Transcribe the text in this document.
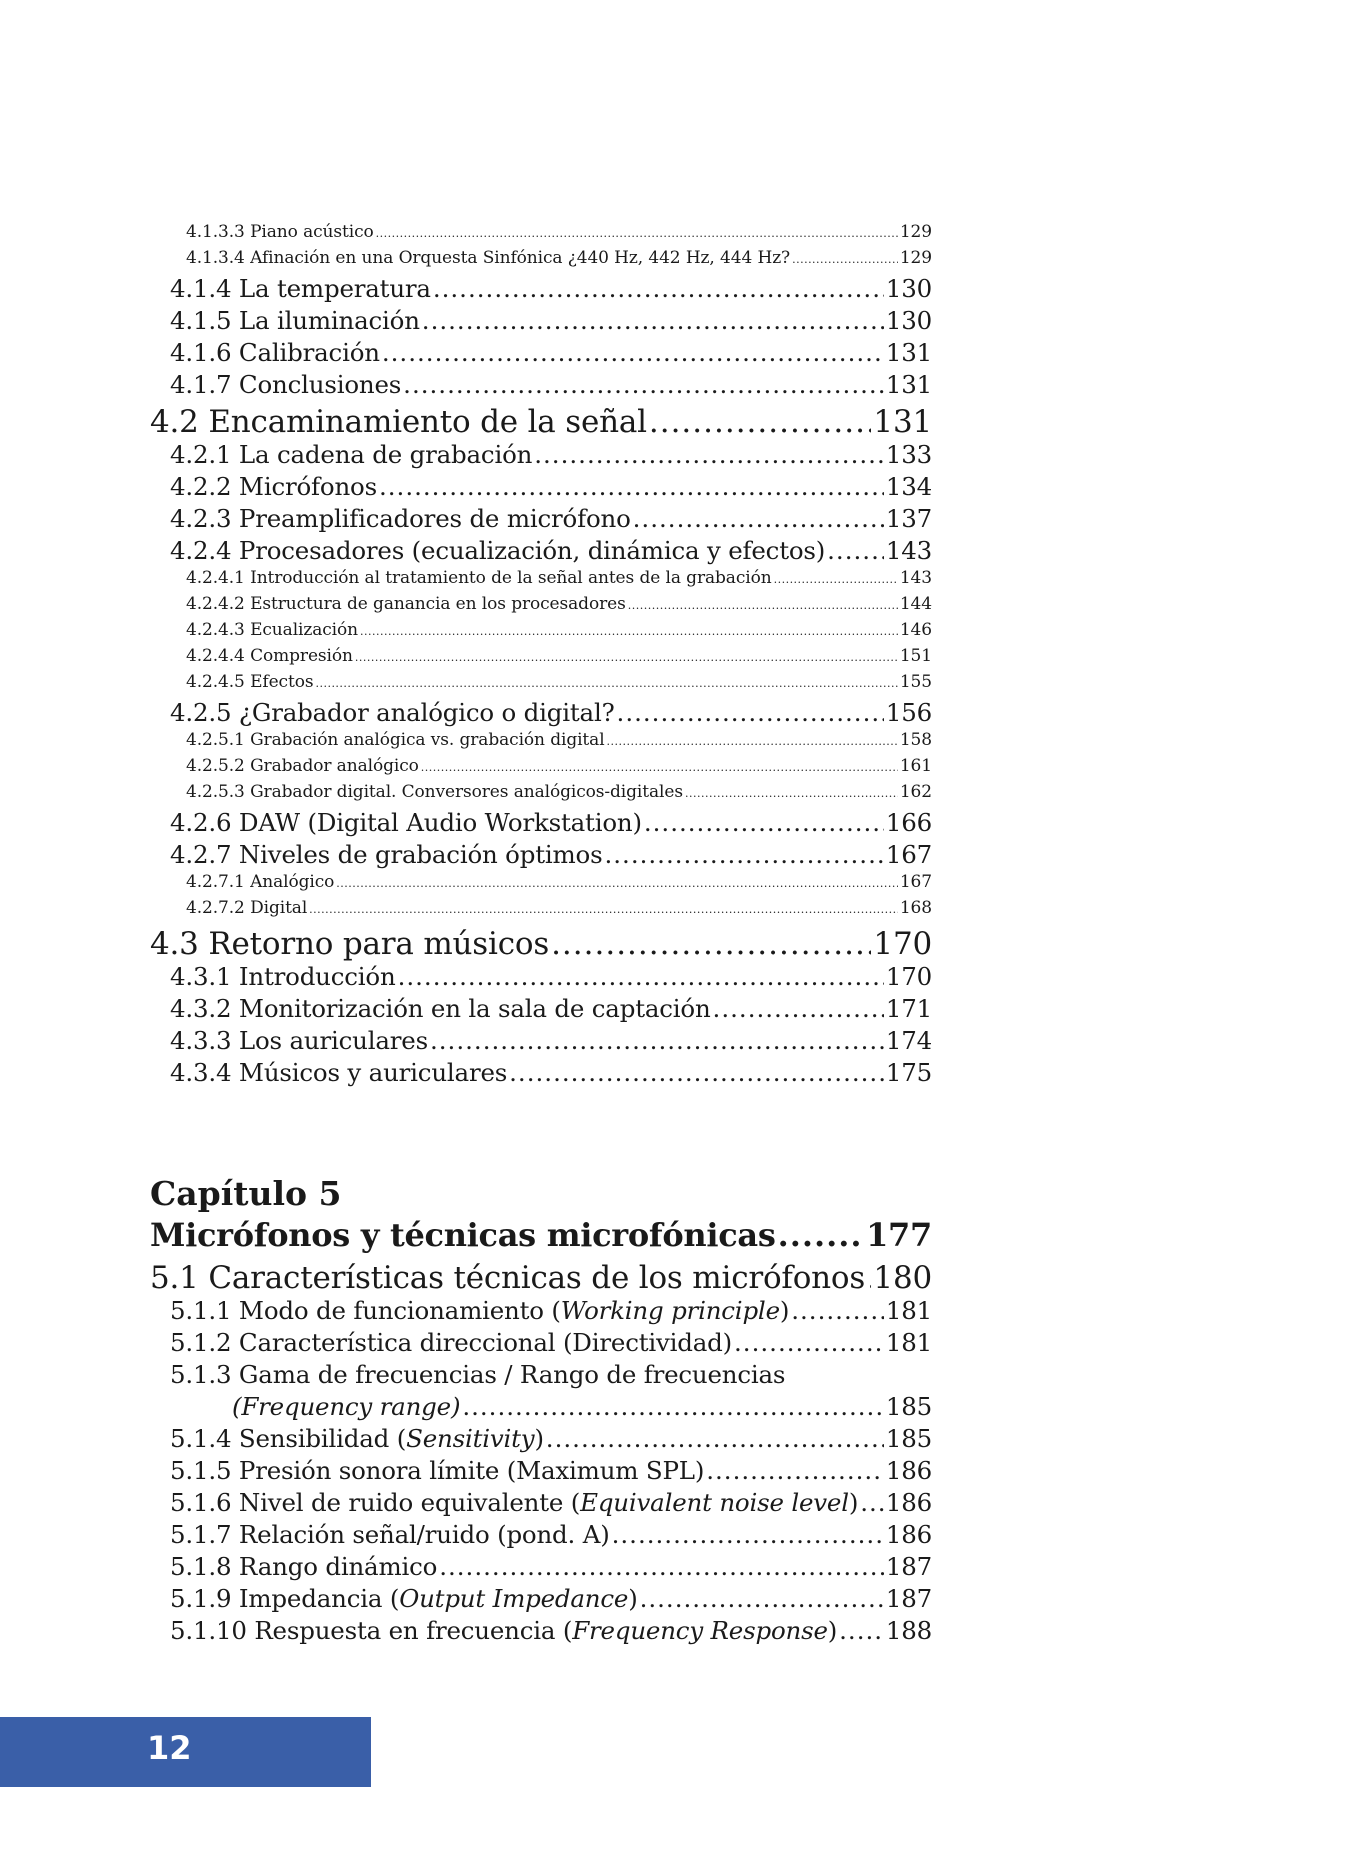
4.1.3.3 Piano acústico .....	129
4.1.3.4 Afinación en una Orquesta Sinfónica ¿440 Hz, 442 Hz, 444 Hz? .....	129
4.1.4 La temperatura .....	130
4.1.5 La iluminación .....	130
4.1.6 Calibración .....	131
4.1.7 Conclusiones .....	131
4.2 Encaminamiento de la señal .....	131
4.2.1 La cadena de grabación .....	133
4.2.2 Micrófonos .....	134
4.2.3 Preamplificadores de micrófono .....	137
4.2.4 Procesadores (ecualización, dinámica y efectos) ..... 143
4.2.4.1 Introducción al tratamiento de la señal antes de la grabación .....	143
4.2.4.2 Estructura de ganancia en los procesadores .....	144
4.2.4.3 Ecualización .....	146
4.2.4.4 Compresión .....	151
4.2.4.5 Efectos .....	155
4.2.5 ¿Grabador analógico o digital? .....	156
4.2.5.1 Grabación analógica vs. grabación digital .....	158
4.2.5.2 Grabador analógico .....	161
4.2.5.3 Grabador digital. Conversores analógicos-digitales .....	162
4.2.6 DAW (Digital Audio Workstation) .....	166
4.2.7 Niveles de grabación óptimos .....	167
4.2.7.1 Analógico .....	167
4.2.7.2 Digital .....	168
4.3 Retorno para músicos .....	170
4.3.1 Introducción .....	170
4.3.2 Monitorización en la sala de captación .....	171
4.3.3 Los auriculares .....	174
4.3.4 Músicos y auriculares .....	175
Capítulo 5
Micrófonos y técnicas microfónicas .....	177
5.1 Características técnicas de los micrófonos ..... 180
5.1.1 Modo de funcionamiento (Working principle) .....	181
5.1.2 Característica direccional (Directividad) .....	181
5.1.3 Gama de frecuencias / Rango de frecuencias
(Frequency range) .....	185
5.1.4 Sensibilidad (Sensitivity) .....	185
5.1.5 Presión sonora límite (Maximum SPL) .....	186
5.1.6 Nivel de ruido equivalente (Equivalent noise level) ..... 186
5.1.7 Relación señal/ruido (pond. A) .....	186
5.1.8 Rango dinámico .....	187
5.1.9 Impedancia (Output Impedance) .....	187
5.1.10 Respuesta en frecuencia (Frequency Response) ..... 188
12
